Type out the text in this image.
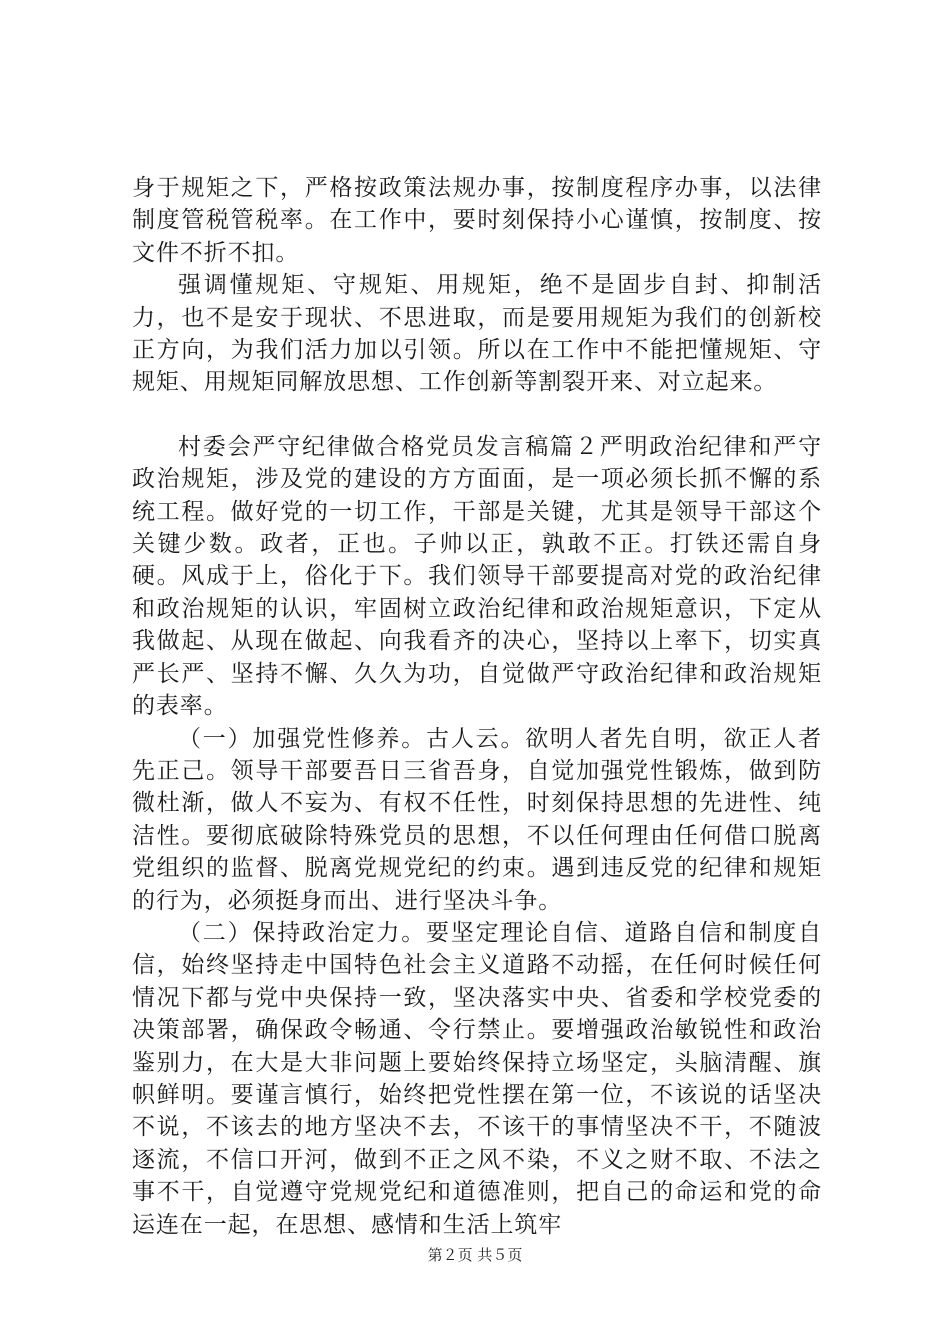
身于规矩之下，严格按政策法规办事，按制度程序办事，以法律制度管税管税率。在工作中，要时刻保持小心谨慎，按制度、按文件不折不扣。

强调懂规矩、守规矩、用规矩，绝不是固步自封、抑制活力，也不是安于现状、不思进取，而是要用规矩为我们的创新校正方向，为我们活力加以引领。所以在工作中不能把懂规矩、守规矩、用规矩同解放思想、工作创新等割裂开来、对立起来。

村委会严守纪律做合格党员发言稿篇２严明政治纪律和严守政治规矩，涉及党的建设的方方面面，是一项必须长抓不懈的系统工程。做好党的一切工作，干部是关键，尤其是领导干部这个关键少数。政者，正也。子帅以正，孰敢不正。打铁还需自身硬。风成于上，俗化于下。我们领导干部要提高对党的政治纪律和政治规矩的认识，牢固树立政治纪律和政治规矩意识，下定从我做起、从现在做起、向我看齐的决心，坚持以上率下，切实真严长严、坚持不懈、久久为功，自觉做严守政治纪律和政治规矩的表率。

（一）加强党性修养。古人云。欲明人者先自明，欲正人者先正己。领导干部要吾日三省吾身，自觉加强党性锻炼，做到防微杜渐，做人不妄为、有权不任性，时刻保持思想的先进性、纯洁性。要彻底破除特殊党员的思想，不以任何理由任何借口脱离党组织的监督、脱离党规党纪的约束。遇到违反党的纪律和规矩的行为，必须挺身而出、进行坚决斗争。

（二）保持政治定力。要坚定理论自信、道路自信和制度自信，始终坚持走中国特色社会主义道路不动摇，在任何时候任何情况下都与党中央保持一致，坚决落实中央、省委和学校党委的决策部署，确保政令畅通、令行禁止。要增强政治敏锐性和政治鉴别力，在大是大非问题上要始终保持立场坚定，头脑清醒、旗帜鲜明。要谨言慎行，始终把党性摆在第一位，不该说的话坚决不说，不该去的地方坚决不去，不该干的事情坚决不干，不随波逐流，不信口开河，做到不正之风不染，不义之财不取、不法之事不干，自觉遵守党规党纪和道德准则，把自己的命运和党的命运连在一起，在思想、感情和生活上筑牢

第２页 共５页
